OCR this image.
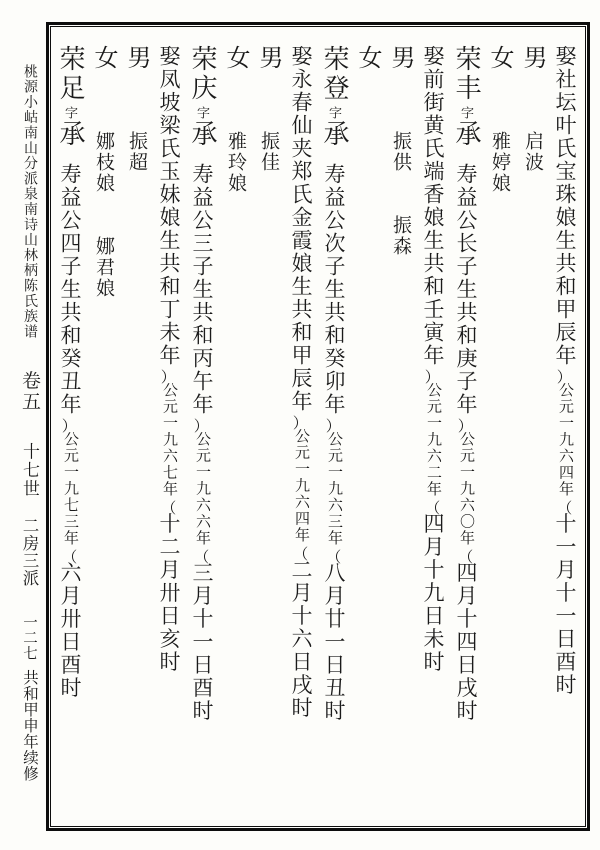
桃源小岵南山分派泉南诗山林柄陈氏族谱卷五十七世二房三派一二七共和甲申年续修
娶社坛叶氏宝珠娘生共和甲辰年（公元一九六四年）十一月十一日酉时
男启波
女雅婷娘
荣丰字承寿益公长子生共和庚子年（公元一九六〇年）四月十四日戌时
娶前街黄氏端香娘生共和壬寅年（公元一九六二年）四月十九日未时
男振供振森
女
荣登字承寿益公次子生共和癸卯年（公元一九六三年）八月廿一日丑时
娶永春仙夹郑氏金霞娘生共和甲辰年（公元一九六四年）二月十六日戌时
男振佳
女雅玲娘
荣庆字承寿益公三子生共和丙午年（公元一九六六年）三月十一日酉时
娶凤坡梁氏玉妹娘生共和丁未年（公元一九六七年）十二月卅日亥时
男振超
女娜枝娘娜君娘
荣足字承寿益公四子生共和癸丑年（公元一九七三年）六月卅日酉时
